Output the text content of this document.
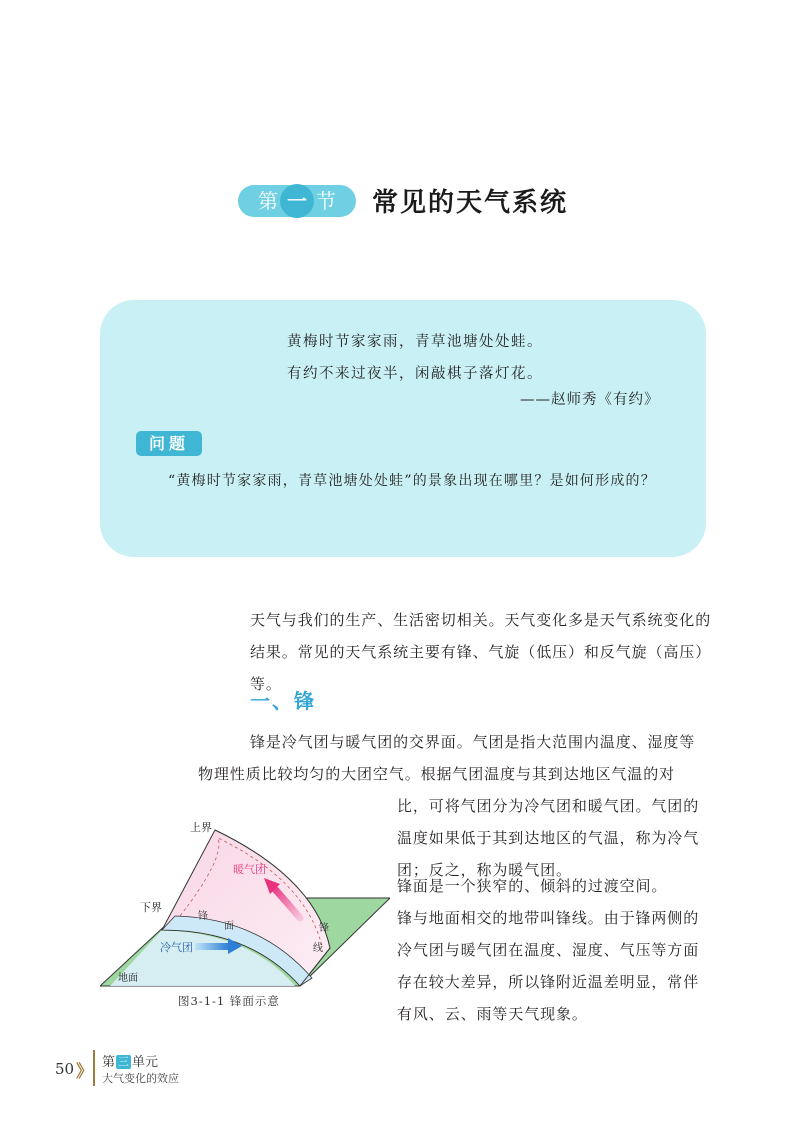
第 一 节 常见的天气系统
黄梅时节家家雨，青草池塘处处蛙。
有约不来过夜半，闲敲棋子落灯花。
——赵师秀《有约》
问题
“黄梅时节家家雨，青草池塘处处蛙”的景象出现在哪里？是如何形成的？
天气与我们的生产、生活密切相关。天气变化多是天气系统变化的
结果。常见的天气系统主要有锋、气旋（低压）和反气旋（高压）等。
一、锋
锋是冷气团与暖气团的交界面。气团是指大范围内温度、湿度等
物理性质比较均匀的大团空气。根据气团温度与其到达地区气温的对
比，可将气团分为冷气团和暖气团。气团的
温度如果低于其到达地区的气温，称为冷气
团；反之，称为暖气团。
锋面是一个狭窄的、倾斜的过渡空间。
锋与地面相交的地带叫锋线。由于锋两侧的
冷气团与暖气团在温度、湿度、气压等方面
存在较大差异，所以锋附近温差明显，常伴
有风、云、雨等天气现象。
上界
下界
暖气团
冷气团
锋
面	锋
线
地面
图3-1-1 锋面示意
50 》 第 三 单元
大气变化的效应
